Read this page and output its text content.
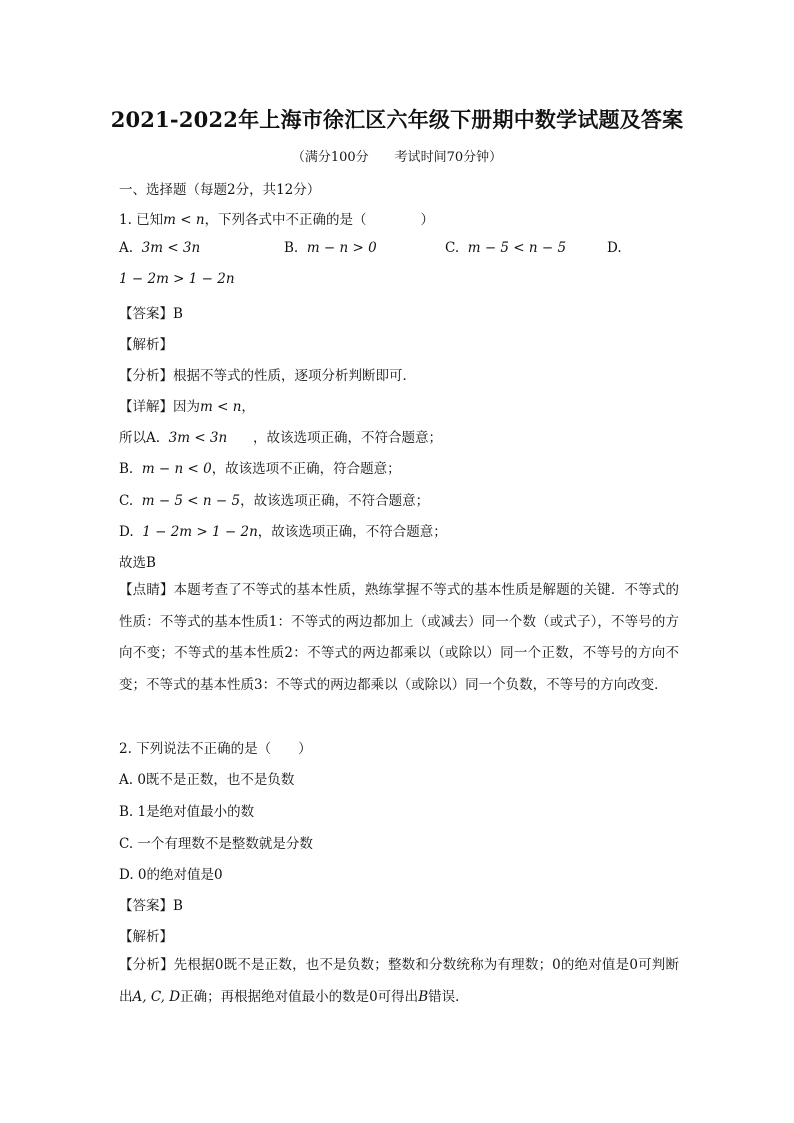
2021-2022年上海市徐汇区六年级下册期中数学试题及答案
（满分100分 考试时间70分钟）
一、选择题（每题2分，共12分）
1. 已知m < n，下列各式中不正确的是（　　　　）
A. 3m < 3n	B. m − n > 0	C. m − 5 < n − 5	D.
1 − 2m > 1 − 2n
【答案】B
【解析】
【分析】根据不等式的性质，逐项分析判断即可．
【详解】因为m < n，
所以A. 3m < 3n ，故该选项正确，不符合题意；
B. m − n < 0，故该选项不正确，符合题意；
C. m − 5 < n − 5，故该选项正确，不符合题意；
D. 1 − 2m > 1 − 2n，故该选项正确，不符合题意；
故选B
【点睛】本题考查了不等式的基本性质，熟练掌握不等式的基本性质是解题的关键．不等式的性质：不等式的基本性质1：不等式的两边都加上（或减去）同一个数（或式子），不等号的方向不变；不等式的基本性质2：不等式的两边都乘以（或除以）同一个正数，不等号的方向不变；不等式的基本性质3：不等式的两边都乘以（或除以）同一个负数，不等号的方向改变．
2. 下列说法不正确的是（　　）
A. 0既不是正数，也不是负数
B. 1是绝对值最小的数
C. 一个有理数不是整数就是分数
D. 0的绝对值是0
【答案】B
【解析】
【分析】先根据0既不是正数，也不是负数；整数和分数统称为有理数；0的绝对值是0可判断出A, C, D正确；再根据绝对值最小的数是0可得出B错误．
